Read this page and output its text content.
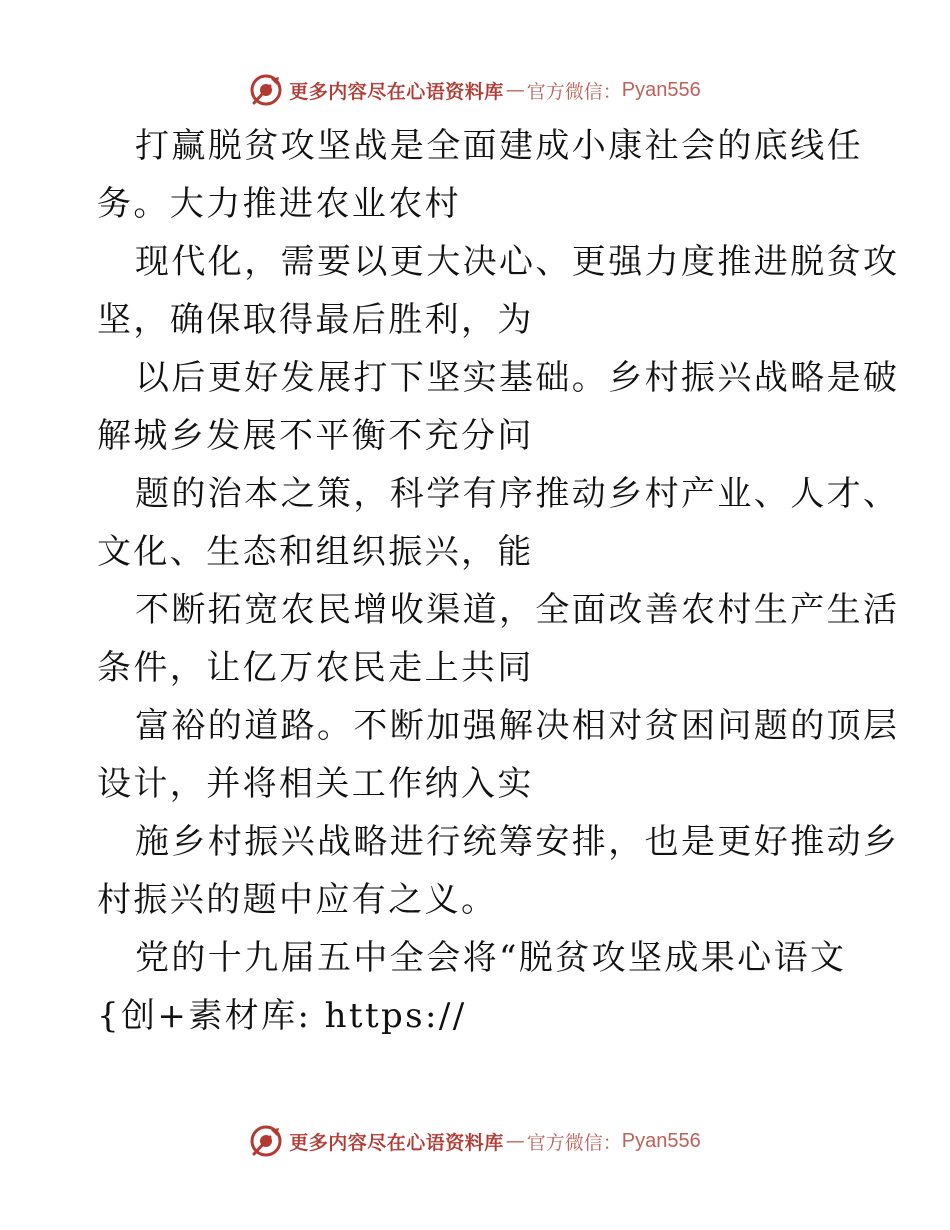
更多内容尽在心语资料库 — 官方微信： Pyan556
打赢脱贫攻坚战是全面建成小康社会的底线任
务。大力推进农业农村
现代化，需要以更大决心、更强力度推进脱贫攻
坚，确保取得最后胜利，为
以后更好发展打下坚实基础。乡村振兴战略是破
解城乡发展不平衡不充分问
题的治本之策，科学有序推动乡村产业、人才、
文化、生态和组织振兴，能
不断拓宽农民增收渠道，全面改善农村生产生活
条件，让亿万农民走上共同
富裕的道路。不断加强解决相对贫困问题的顶层
设计，并将相关工作纳入实
施乡村振兴战略进行统筹安排，也是更好推动乡
村振兴的题中应有之义。
党的十九届五中全会将“脱贫攻坚成果心语文
{创+素材库: https://
更多内容尽在心语资料库 — 官方微信： Pyan556
